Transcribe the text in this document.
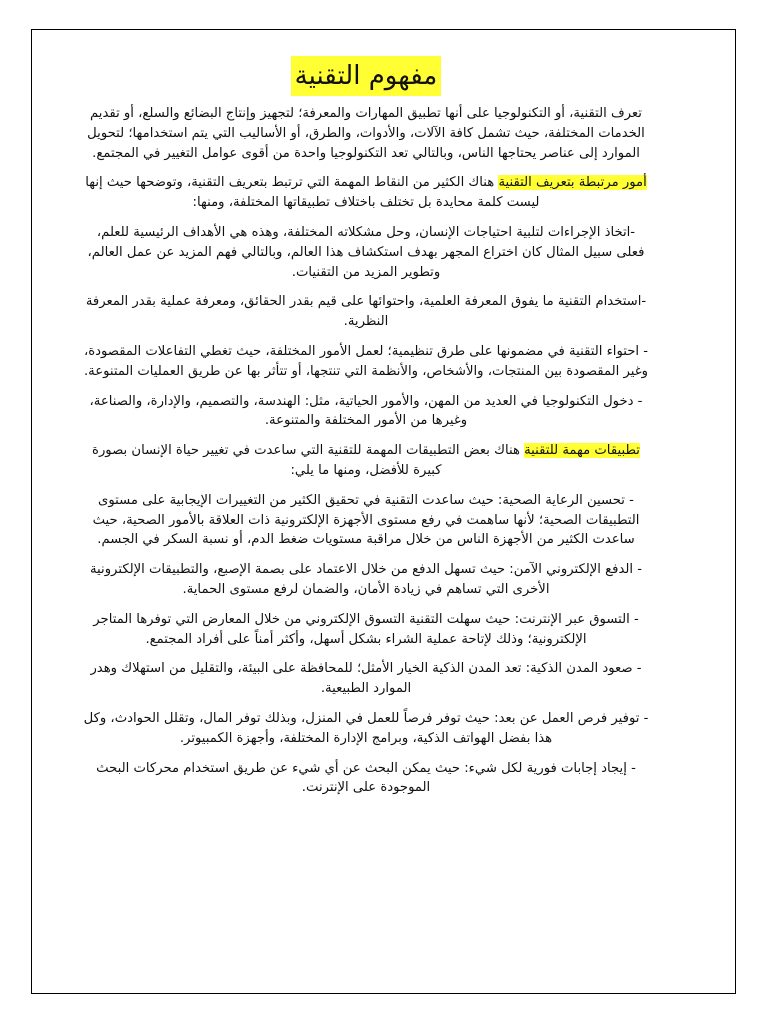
مفهوم التقنية

تعرف التقنية، أو التكنولوجيا على أنها تطبيق المهارات والمعرفة؛ لتجهيز وإنتاج البضائع والسلع، أو تقديم الخدمات المختلفة، حيث تشمل كافة الآلات، والأدوات، والطرق، أو الأساليب التي يتم استخدامها؛ لتحويل الموارد إلى عناصر يحتاجها الناس، وبالتالي تعد التكنولوجيا واحدة من أقوى عوامل التغيير في المجتمع.

أمور مرتبطة بتعريف التقنية هناك الكثير من النقاط المهمة التي ترتبط بتعريف التقنية، وتوضحها حيث إنها ليست كلمة محايدة بل تختلف باختلاف تطبيقاتها المختلفة، ومنها:

-اتخاذ الإجراءات لتلبية احتياجات الإنسان، وحل مشكلاته المختلفة، وهذه هي الأهداف الرئيسية للعلم، فعلى سبيل المثال كان اختراع المجهر بهدف استكشاف هذا العالم، وبالتالي فهم المزيد عن عمل العالم، وتطوير المزيد من التقنيات.

-استخدام التقنية ما يفوق المعرفة العلمية، واحتوائها على قيم بقدر الحقائق، ومعرفة عملية بقدر المعرفة النظرية.

- احتواء التقنية في مضمونها على طرق تنظيمية؛ لعمل الأمور المختلفة، حيث تغطي التفاعلات المقصودة، وغير المقصودة بين المنتجات، والأشخاص، والأنظمة التي تنتجها، أو تتأثر بها عن طريق العمليات المتنوعة.

- دخول التكنولوجيا في العديد من المهن، والأمور الحياتية، مثل: الهندسة، والتصميم، والإدارة، والصناعة، وغيرها من الأمور المختلفة والمتنوعة.

تطبيقات مهمة للتقنية هناك بعض التطبيقات المهمة للتقنية التي ساعدت في تغيير حياة الإنسان بصورة كبيرة للأفضل، ومنها ما يلي:

- تحسين الرعاية الصحية: حيث ساعدت التقنية في تحقيق الكثير من التغييرات الإيجابية على مستوى التطبيقات الصحية؛ لأنها ساهمت في رفع مستوى الأجهزة الإلكترونية ذات العلاقة بالأمور الصحية، حيث ساعدت الكثير من الأجهزة الناس من خلال مراقبة مستويات ضغط الدم، أو نسبة السكر في الجسم.

- الدفع الإلكتروني الآمن: حيث تسهل الدفع من خلال الاعتماد على بصمة الإصبع، والتطبيقات الإلكترونية الأخرى التي تساهم في زيادة الأمان، والضمان لرفع مستوى الحماية.

- التسوق عبر الإنترنت: حيث سهلت التقنية التسوق الإلكتروني من خلال المعارض التي توفرها المتاجر الإلكترونية؛ وذلك لإتاحة عملية الشراء بشكل أسهل، وأكثر أمناً على أفراد المجتمع.

- صعود المدن الذكية: تعد المدن الذكية الخيار الأمثل؛ للمحافظة على البيئة، والتقليل من استهلاك وهدر الموارد الطبيعية.

- توفير فرص العمل عن بعد: حيث توفر فرصاً للعمل في المنزل، وبذلك توفر المال، وتقلل الحوادث، وكل هذا بفضل الهواتف الذكية، وبرامج الإدارة المختلفة، وأجهزة الكمبيوتر.

- إيجاد إجابات فورية لكل شيء: حيث يمكن البحث عن أي شيء عن طريق استخدام محركات البحث الموجودة على الإنترنت.
